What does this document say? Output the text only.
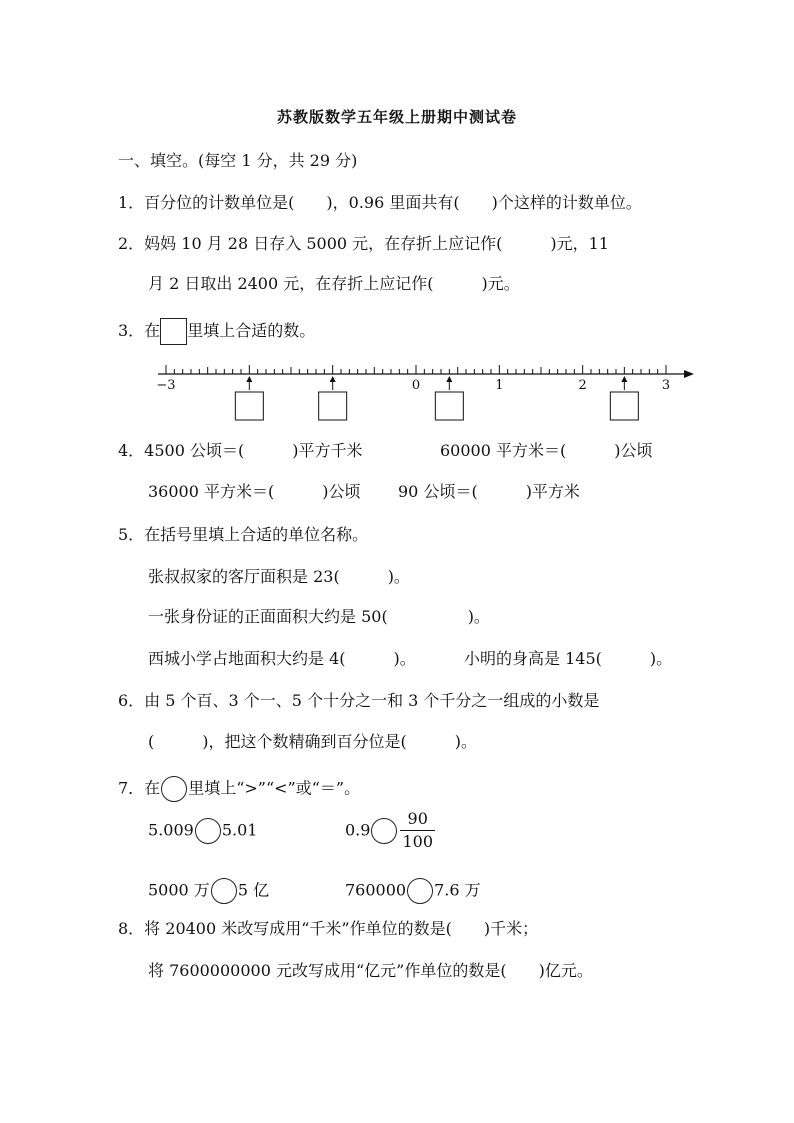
苏教版数学五年级上册期中测试卷
一、填空。(每空 1 分，共 29 分)
1．百分位的计数单位是(　　)，0.96 里面共有(　　)个这样的计数单位。
2．妈妈 10 月 28 日存入 5000 元，在存折上应记作(　　　)元，11
月 2 日取出 2400 元，在存折上应记作(　　　)元。
3．在 里填上合适的数。
−3	0	1	2	3
4．4500 公顷＝(　　　)平方千米	60000 平方米＝(　　　)公顷
36000 平方米＝(　　　)公顷 90 公顷＝(　　　)平方米
5．在括号里填上合适的单位名称。
张叔叔家的客厅面积是 23(　　　)。
一张身份证的正面面积大约是 50(　　　　　)。
西城小学占地面积大约是 4(　　　)。	小明的身高是 145(　　　)。
6．由 5 个百、3 个一、5 个十分之一和 3 个千分之一组成的小数是
(　　　)，把这个数精确到百分位是(　　　)。
7．在 里填上“>”“<”或“＝”。
5.009 5.01	$0.9 \frac{90}{100}$
5000 万 5 亿	760000 7.6 万
8．将 20400 米改写成用“千米”作单位的数是(　　)千米；
将 7600000000 元改写成用“亿元”作单位的数是(　　)亿元。
